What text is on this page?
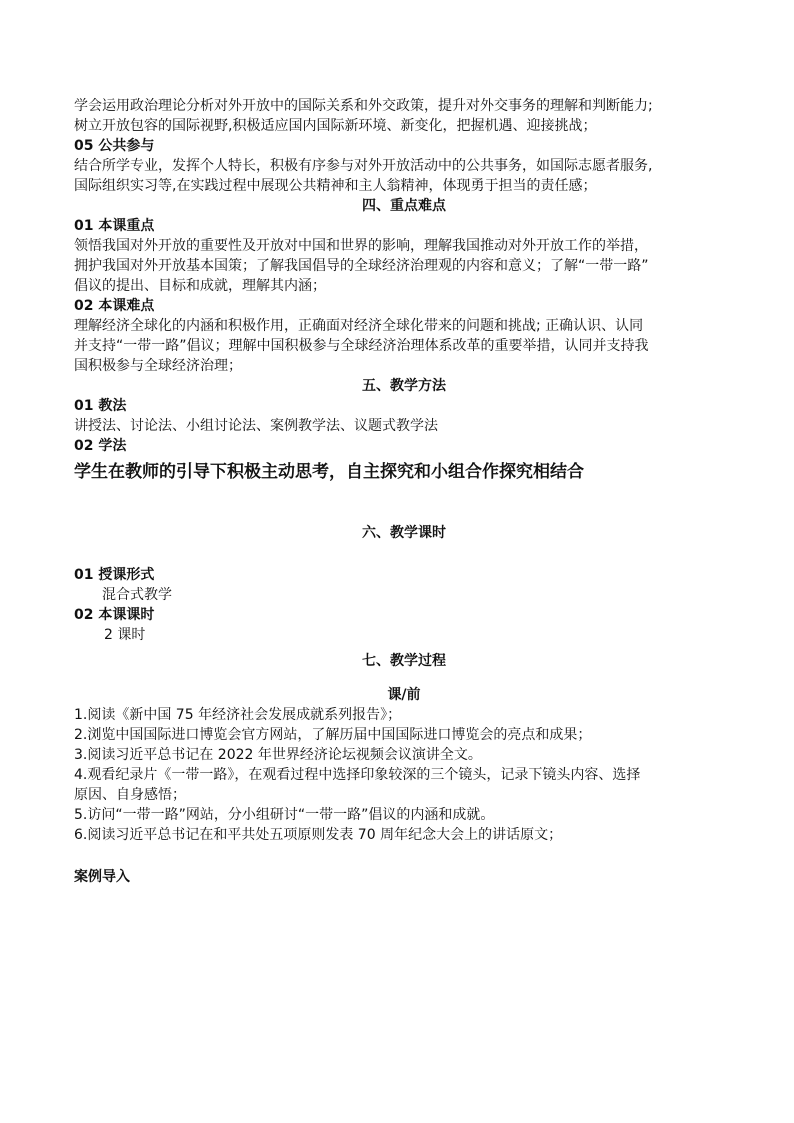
学会运用政治理论分析对外开放中的国际关系和外交政策，提升对外交事务的理解和判断能力;

树立开放包容的国际视野,积极适应国内国际新环境、新变化，把握机遇、迎接挑战；

05 公共参与

结合所学专业，发挥个人特长，积极有序参与对外开放活动中的公共事务，如国际志愿者服务,

国际组织实习等,在实践过程中展现公共精神和主人翁精神，体现勇于担当的责任感；

四、重点难点

01 本课重点

领悟我国对外开放的重要性及开放对中国和世界的影响，理解我国推动对外开放工作的举措，

拥护我国对外开放基本国策；了解我国倡导的全球经济治理观的内容和意义；了解“一带一路”

倡议的提出、目标和成就，理解其内涵；

02 本课难点

理解经济全球化的内涵和积极作用，正确面对经济全球化带来的问题和挑战; 正确认识、认同

并支持“一带一路”倡议；理解中国积极参与全球经济治理体系改革的重要举措，认同并支持我

国积极参与全球经济治理；

五、教学方法

01 教法

讲授法、讨论法、小组讨论法、案例教学法、议题式教学法

02 学法

学生在教师的引导下积极主动思考，自主探究和小组合作探究相结合

六、教学课时

01 授课形式

混合式教学

02 本课课时

2 课时

七、教学过程

课/前

1.阅读《新中国 75 年经济社会发展成就系列报告》；

2.浏览中国国际进口博览会官方网站，了解历届中国国际进口博览会的亮点和成果；

3.阅读习近平总书记在 2022 年世界经济论坛视频会议演讲全文。

4.观看纪录片《一带一路》，在观看过程中选择印象较深的三个镜头，记录下镜头内容、选择

原因、自身感悟；

5.访问“一带一路”网站，分小组研讨“一带一路”倡议的内涵和成就。

6.阅读习近平总书记在和平共处五项原则发表 70 周年纪念大会上的讲话原文；

案例导入
